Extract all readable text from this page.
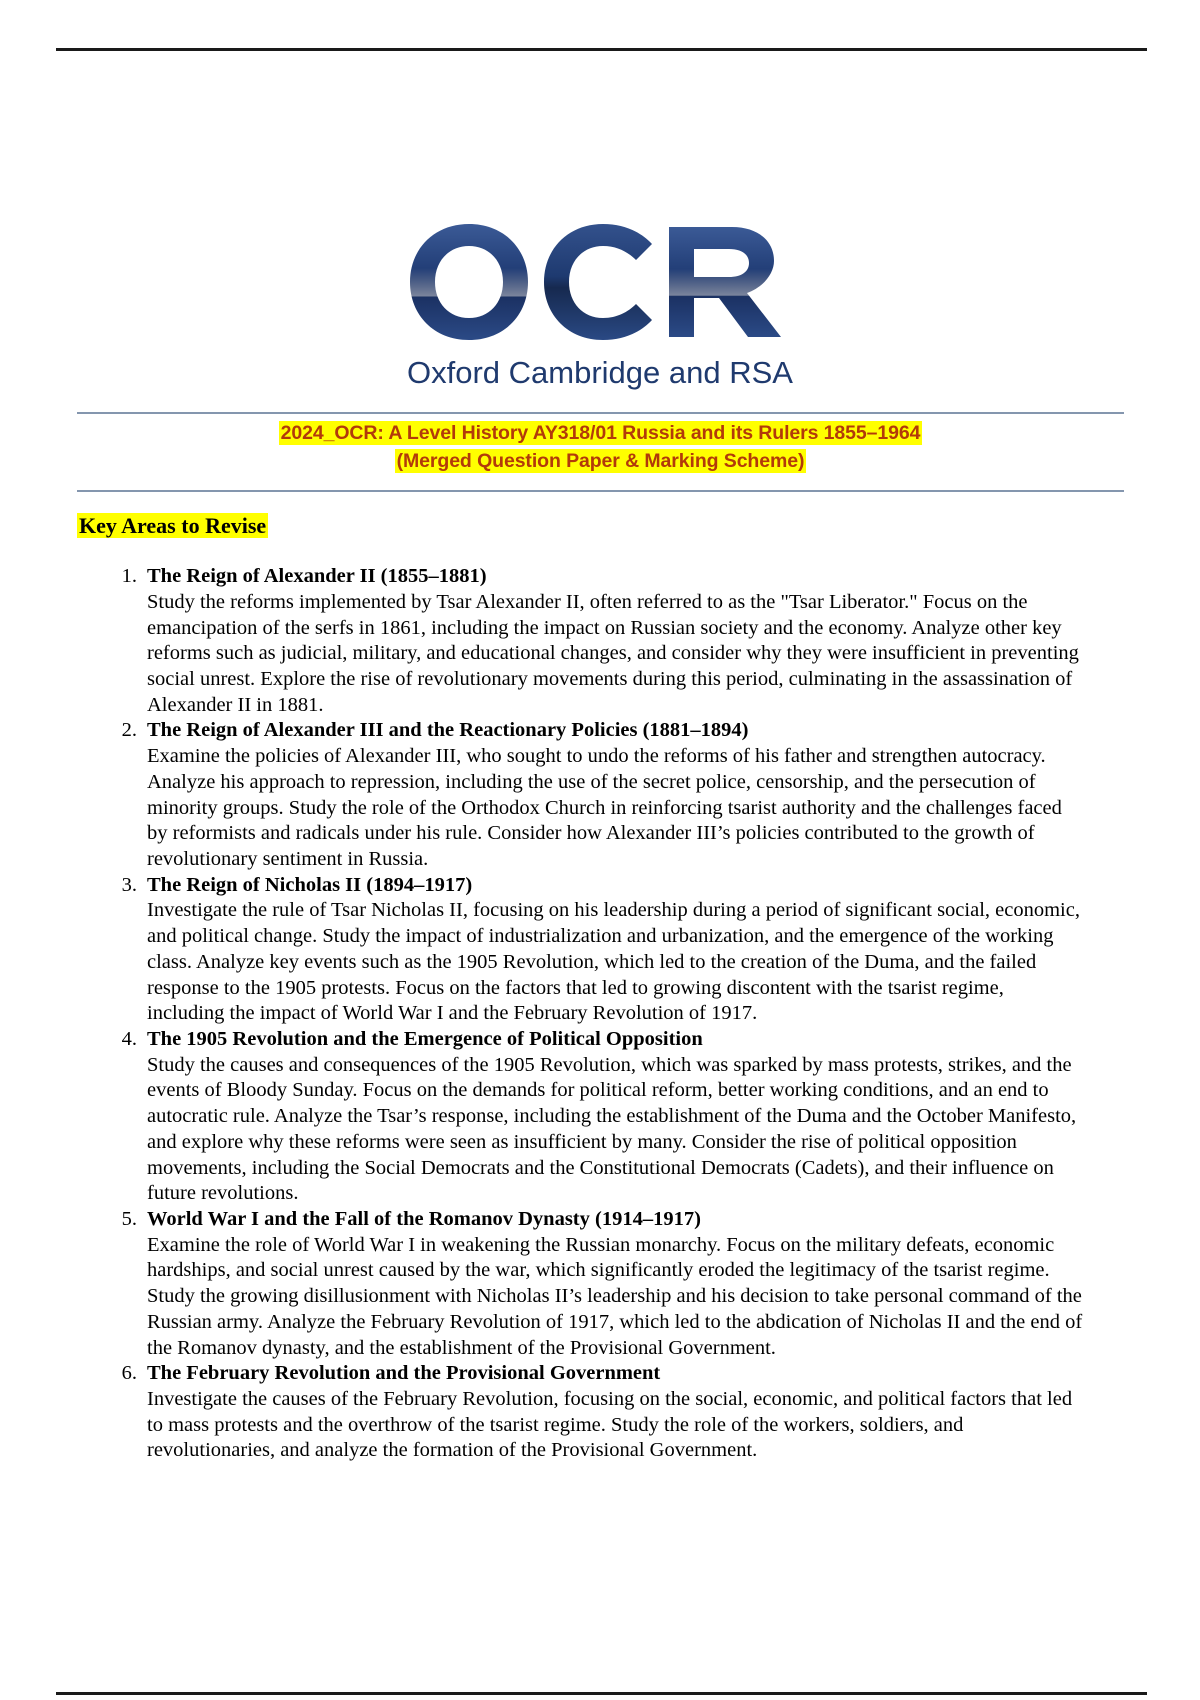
Oxford Cambridge and RSA
2024_OCR: A Level History AY318/01 Russia and its Rulers 1855–1964
(Merged Question Paper & Marking Scheme)
Key Areas to Revise
The Reign of Alexander II (1855–1881)
Study the reforms implemented by Tsar Alexander II, often referred to as the "Tsar Liberator." Focus on the emancipation of the serfs in 1861, including the impact on Russian society and the economy. Analyze other key reforms such as judicial, military, and educational changes, and consider why they were insufficient in preventing social unrest. Explore the rise of revolutionary movements during this period, culminating in the assassination of Alexander II in 1881.
The Reign of Alexander III and the Reactionary Policies (1881–1894)
Examine the policies of Alexander III, who sought to undo the reforms of his father and strengthen autocracy. Analyze his approach to repression, including the use of the secret police, censorship, and the persecution of minority groups. Study the role of the Orthodox Church in reinforcing tsarist authority and the challenges faced by reformists and radicals under his rule. Consider how Alexander III’s policies contributed to the growth of revolutionary sentiment in Russia.
The Reign of Nicholas II (1894–1917)
Investigate the rule of Tsar Nicholas II, focusing on his leadership during a period of significant social, economic, and political change. Study the impact of industrialization and urbanization, and the emergence of the working class. Analyze key events such as the 1905 Revolution, which led to the creation of the Duma, and the failed response to the 1905 protests. Focus on the factors that led to growing discontent with the tsarist regime, including the impact of World War I and the February Revolution of 1917.
The 1905 Revolution and the Emergence of Political Opposition
Study the causes and consequences of the 1905 Revolution, which was sparked by mass protests, strikes, and the events of Bloody Sunday. Focus on the demands for political reform, better working conditions, and an end to autocratic rule. Analyze the Tsar’s response, including the establishment of the Duma and the October Manifesto, and explore why these reforms were seen as insufficient by many. Consider the rise of political opposition movements, including the Social Democrats and the Constitutional Democrats (Cadets), and their influence on future revolutions.
World War I and the Fall of the Romanov Dynasty (1914–1917)
Examine the role of World War I in weakening the Russian monarchy. Focus on the military defeats, economic hardships, and social unrest caused by the war, which significantly eroded the legitimacy of the tsarist regime. Study the growing disillusionment with Nicholas II’s leadership and his decision to take personal command of the Russian army. Analyze the February Revolution of 1917, which led to the abdication of Nicholas II and the end of the Romanov dynasty, and the establishment of the Provisional Government.
The February Revolution and the Provisional Government
Investigate the causes of the February Revolution, focusing on the social, economic, and political factors that led to mass protests and the overthrow of the tsarist regime. Study the role of the workers, soldiers, and revolutionaries, and analyze the formation of the Provisional Government.
